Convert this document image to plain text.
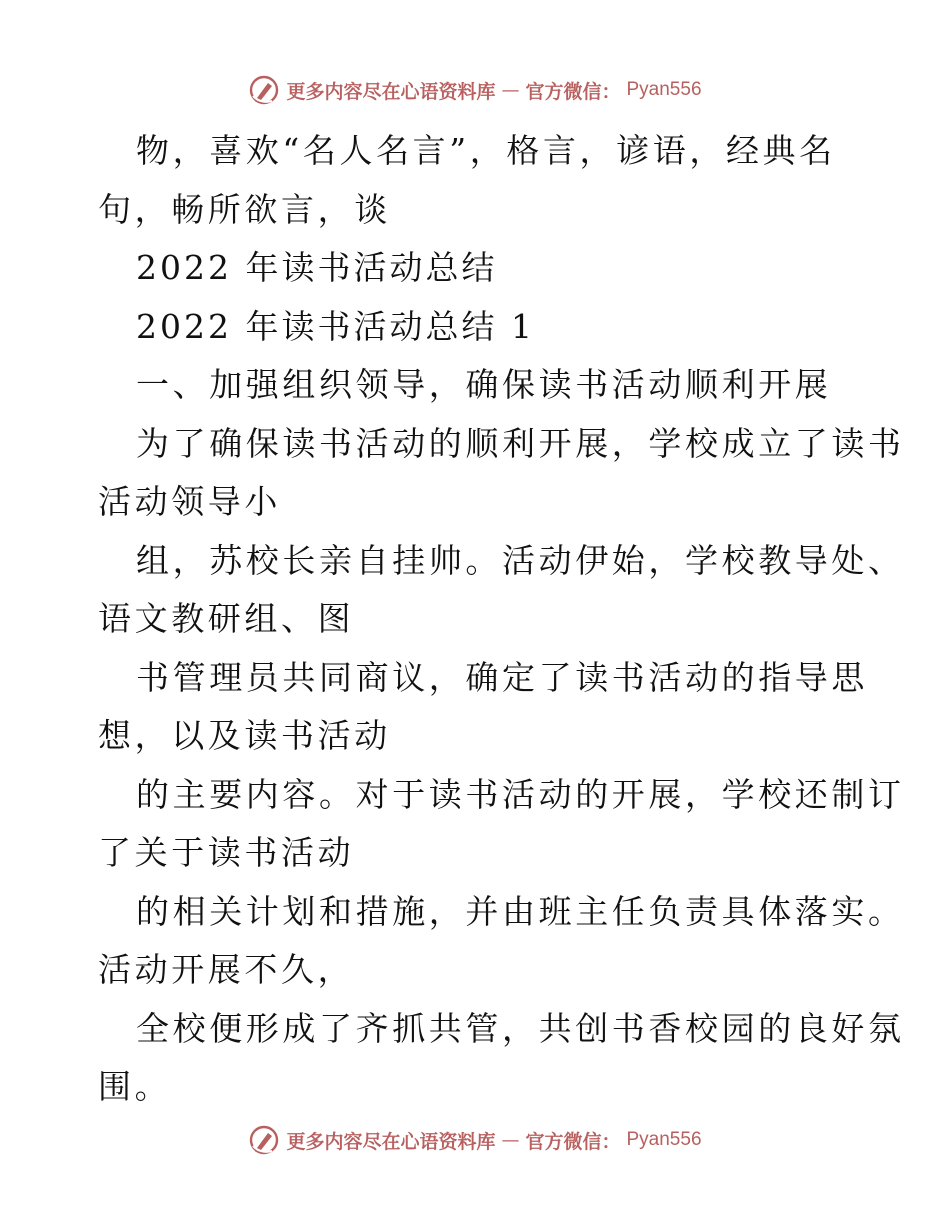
更多内容尽在心语资料库 — 官方微信： Pyan556
物，喜欢“名人名言”，格言，谚语，经典名
句，畅所欲言，谈
2022 年读书活动总结
2022 年读书活动总结 1
一、加强组织领导，确保读书活动顺利开展
为了确保读书活动的顺利开展，学校成立了读书
活动领导小
组，苏校长亲自挂帅。活动伊始，学校教导处、
语文教研组、图
书管理员共同商议，确定了读书活动的指导思
想，以及读书活动
的主要内容。对于读书活动的开展，学校还制订
了关于读书活动
的相关计划和措施，并由班主任负责具体落实。
活动开展不久，
全校便形成了齐抓共管，共创书香校园的良好氛
围。
更多内容尽在心语资料库 — 官方微信： Pyan556
